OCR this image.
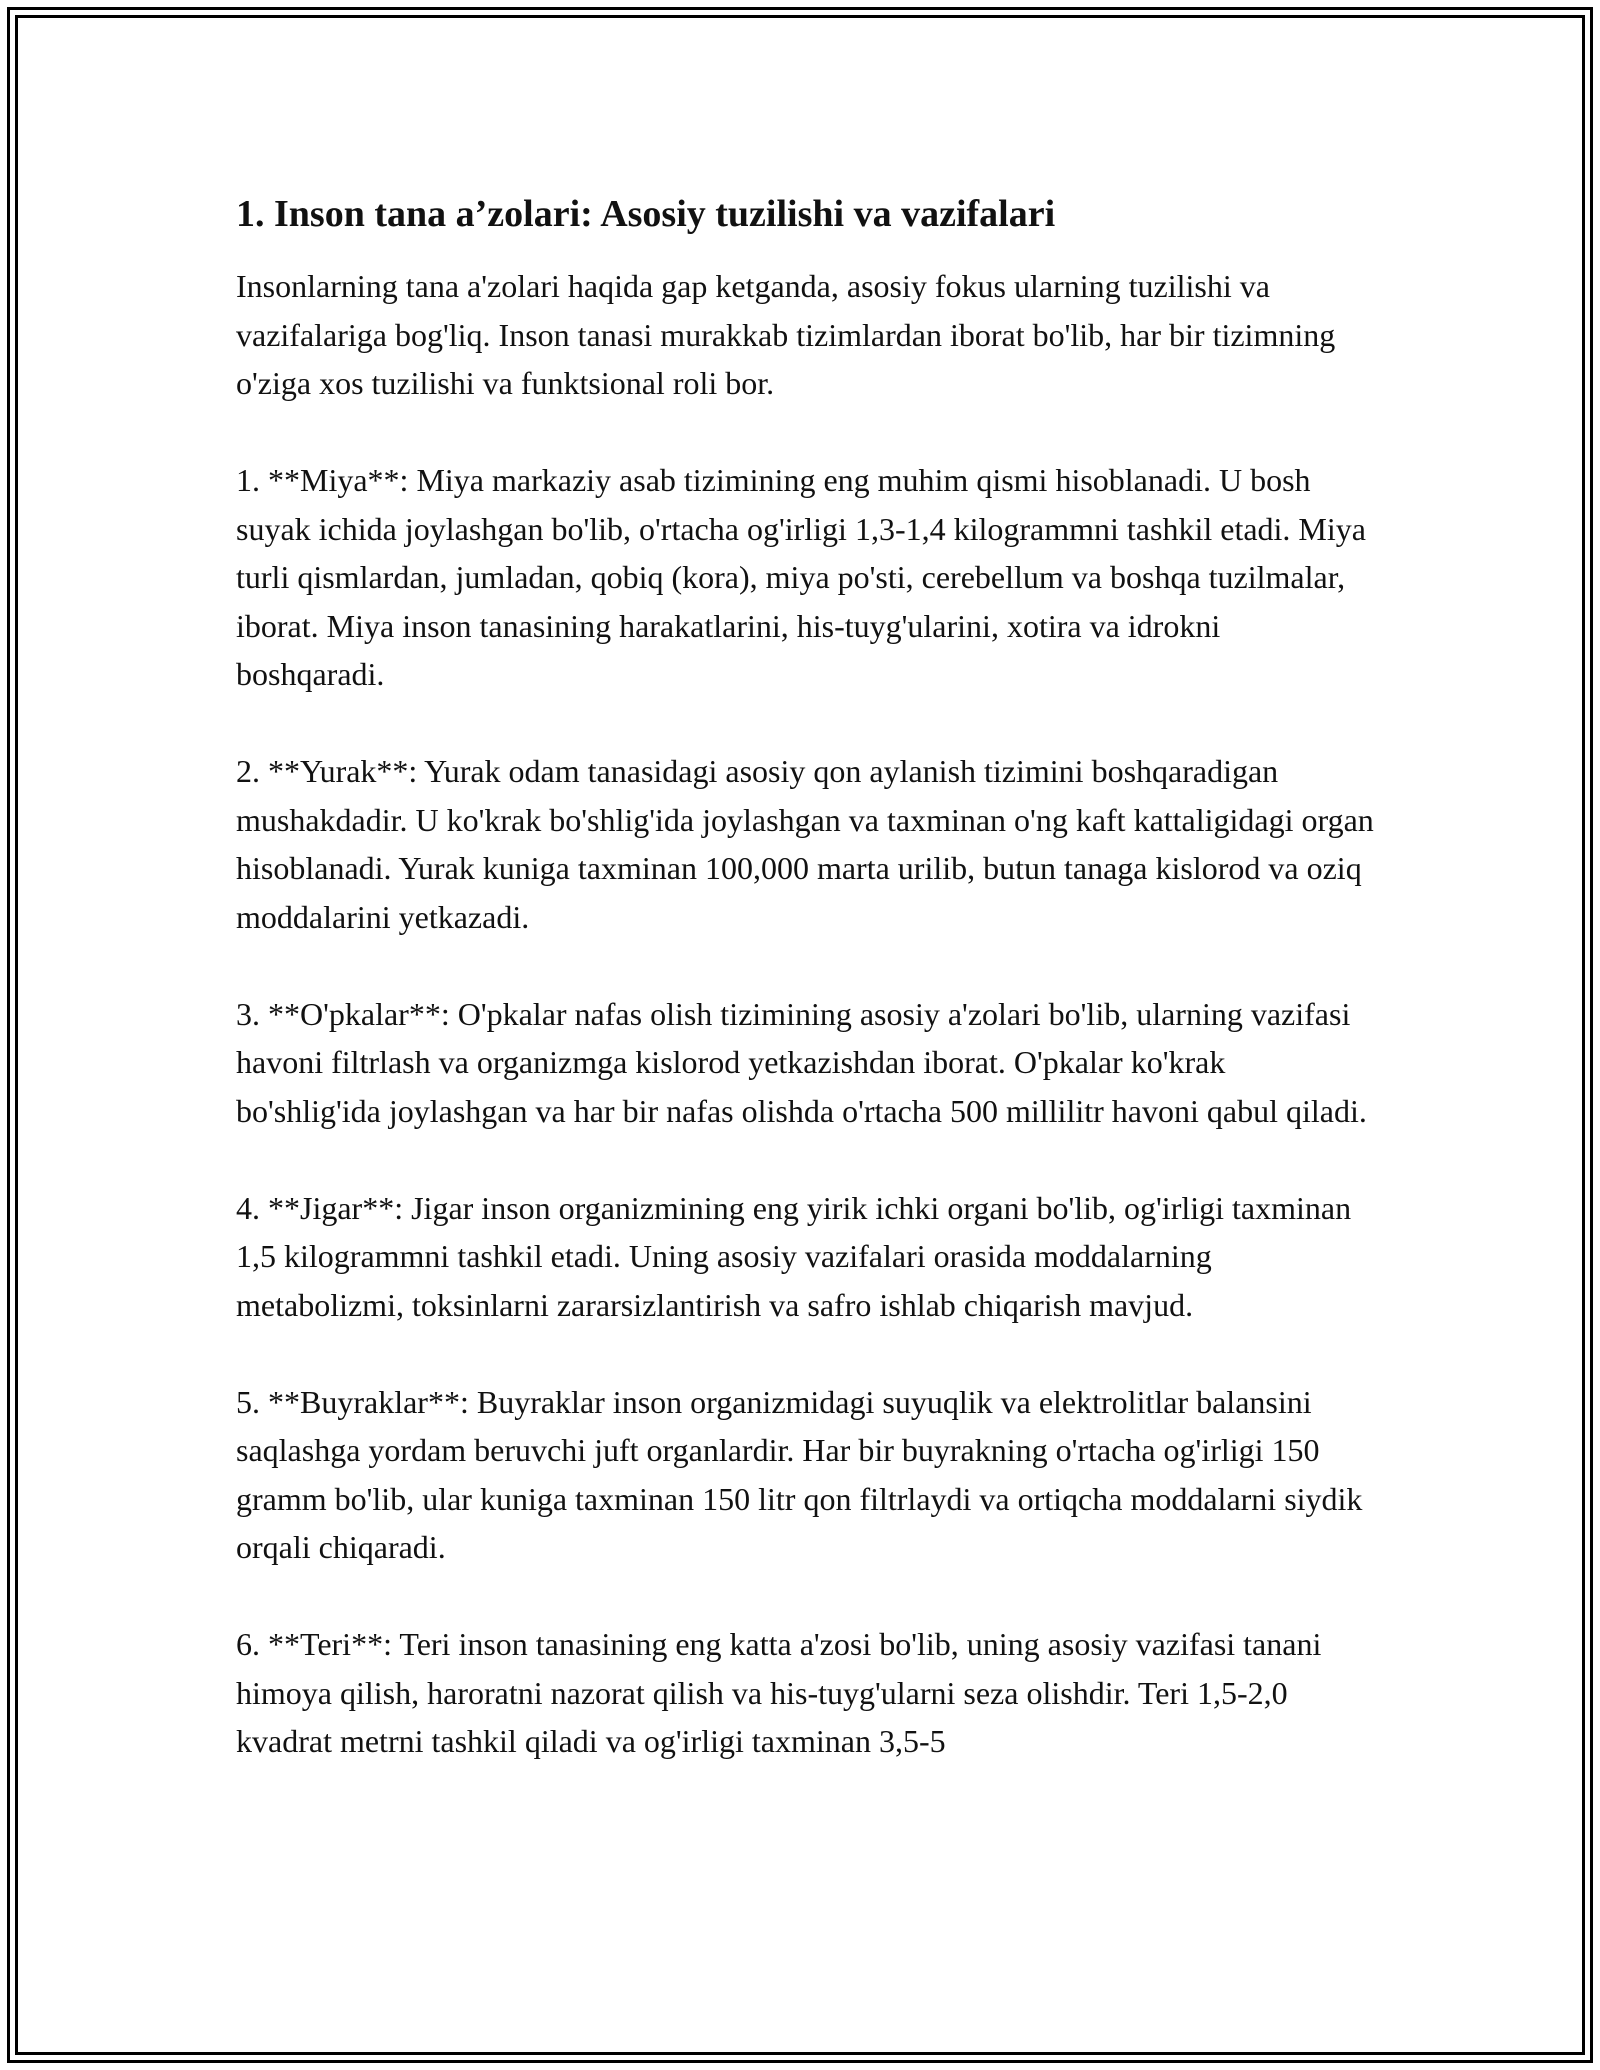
1. Inson tana a’zolari: Asosiy tuzilishi va vazifalari

Insonlarning tana a'zolari haqida gap ketganda, asosiy fokus ularning tuzilishi va vazifalariga bog'liq. Inson tanasi murakkab tizimlardan iborat bo'lib, har bir tizimning o'ziga xos tuzilishi va funktsional roli bor.

1. **Miya**: Miya markaziy asab tizimining eng muhim qismi hisoblanadi. U bosh suyak ichida joylashgan bo'lib, o'rtacha og'irligi 1,3-1,4 kilogrammni tashkil etadi. Miya turli qismlardan, jumladan, qobiq (kora), miya po'sti, cerebellum va boshqa tuzilmalar, iborat. Miya inson tanasining harakatlarini, his-tuyg'ularini, xotira va idrokni boshqaradi.

2. **Yurak**: Yurak odam tanasidagi asosiy qon aylanish tizimini boshqaradigan mushakdadir. U ko'krak bo'shlig'ida joylashgan va taxminan o'ng kaft kattaligidagi organ hisoblanadi. Yurak kuniga taxminan 100,000 marta urilib, butun tanaga kislorod va oziq moddalarini yetkazadi.

3. **O'pkalar**: O'pkalar nafas olish tizimining asosiy a'zolari bo'lib, ularning vazifasi havoni filtrlash va organizmga kislorod yetkazishdan iborat. O'pkalar ko'krak bo'shlig'ida joylashgan va har bir nafas olishda o'rtacha 500 millilitr havoni qabul qiladi.

4. **Jigar**: Jigar inson organizmining eng yirik ichki organi bo'lib, og'irligi taxminan 1,5 kilogrammni tashkil etadi. Uning asosiy vazifalari orasida moddalarning metabolizmi, toksinlarni zararsizlantirish va safro ishlab chiqarish mavjud.

5. **Buyraklar**: Buyraklar inson organizmidagi suyuqlik va elektrolitlar balansini saqlashga yordam beruvchi juft organlardir. Har bir buyrakning o'rtacha og'irligi 150 gramm bo'lib, ular kuniga taxminan 150 litr qon filtrlaydi va ortiqcha moddalarni siydik orqali chiqaradi.

6. **Teri**: Teri inson tanasining eng katta a'zosi bo'lib, uning asosiy vazifasi tanani himoya qilish, haroratni nazorat qilish va his-tuyg'ularni seza olishdir. Teri 1,5-2,0 kvadrat metrni tashkil qiladi va og'irligi taxminan 3,5-5
